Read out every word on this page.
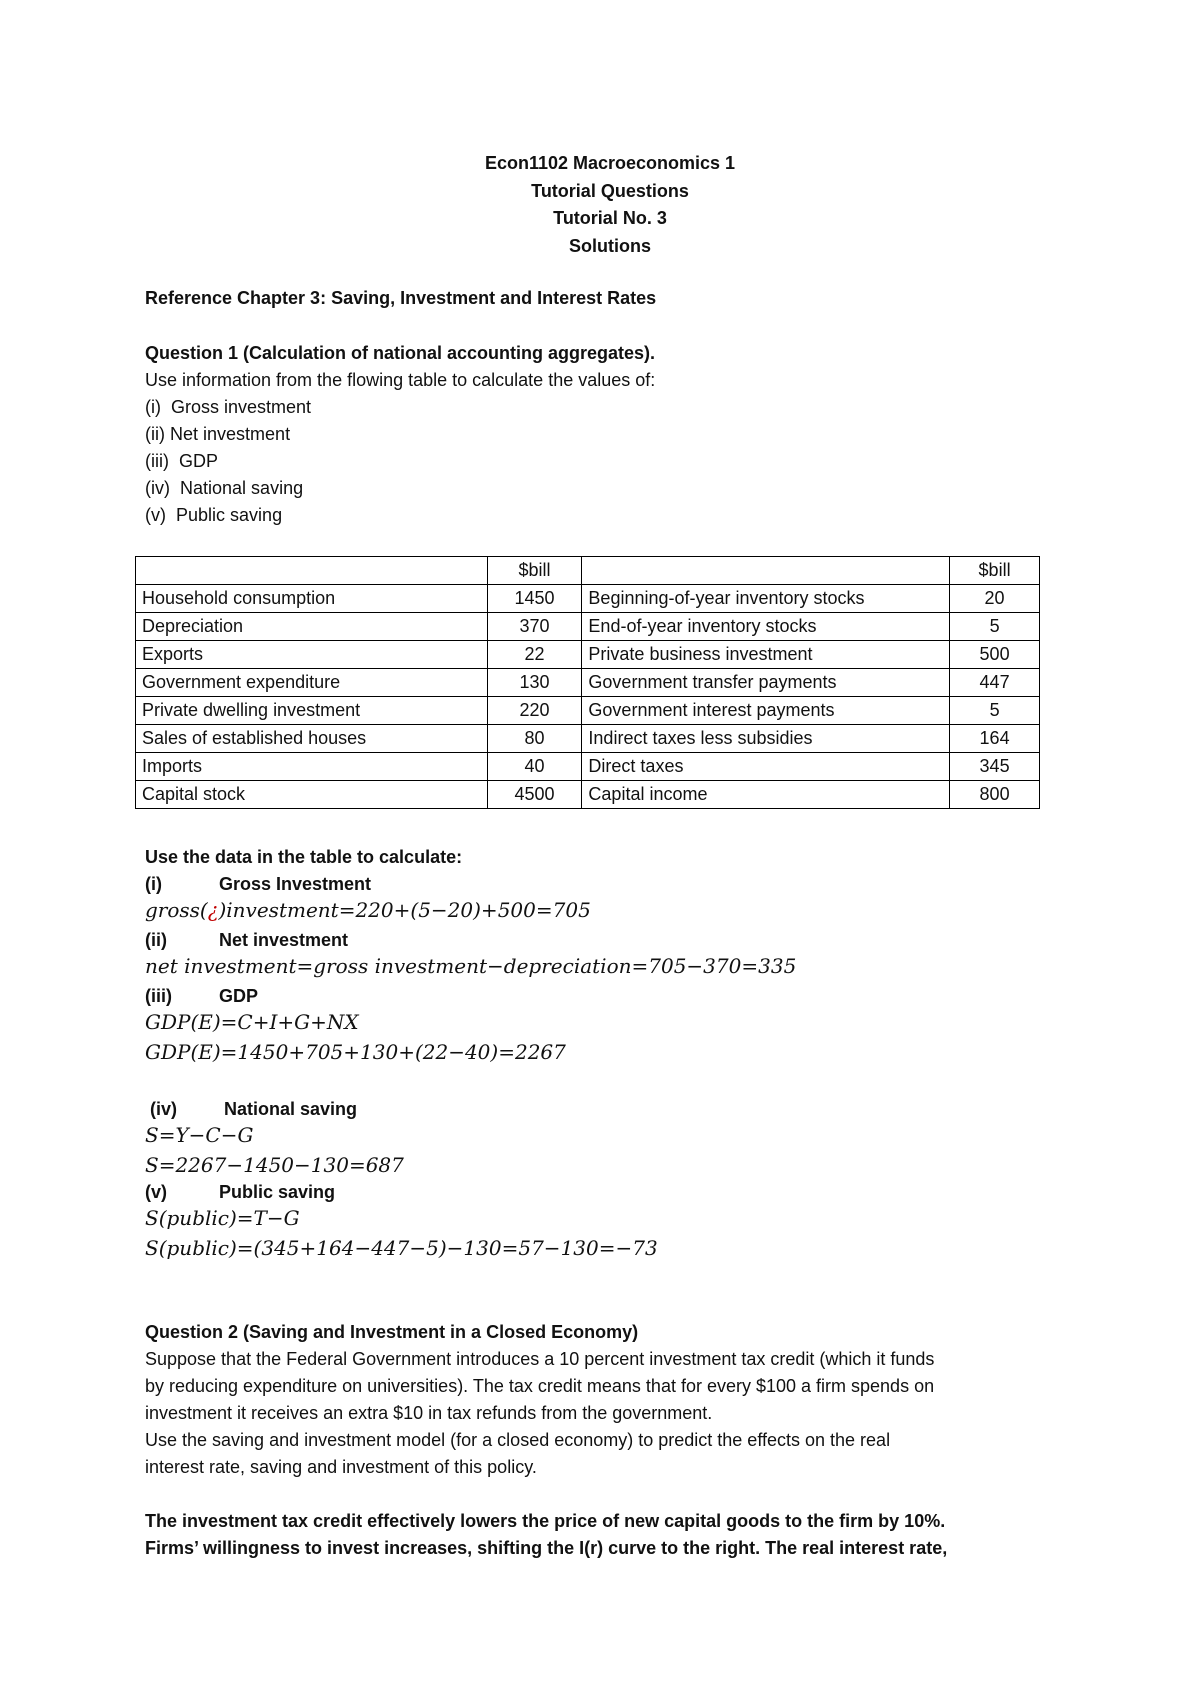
Econ1102 Macroeconomics 1
Tutorial Questions
Tutorial No. 3
Solutions
Reference Chapter 3: Saving, Investment and Interest Rates
Question 1 (Calculation of national accounting aggregates).
Use information from the flowing table to calculate the values of:
(i) Gross investment
(ii) Net investment
(iii) GDP
(iv) National saving
(v) Public saving
	$bill		$bill
Household consumption	1450	Beginning-of-year inventory stocks	20
Depreciation	370	End-of-year inventory stocks	5
Exports	22	Private business investment	500
Government expenditure	130	Government transfer payments	447
Private dwelling investment	220	Government interest payments	5
Sales of established houses	80	Indirect taxes less subsidies	164
Imports	40	Direct taxes	345
Capital stock	4500	Capital income	800
Use the data in the table to calculate:
(i)	Gross Investment
gross(¿)investment=220+(5−20)+500=705
(ii)	Net investment
net investment=gross investment−depreciation=705−370=335
(iii)	GDP
GDP(E)=C+I+G+NX
GDP(E)=1450+705+130+(22−40)=2267
(iv)	National saving
S=Y−C−G
S=2267−1450−130=687
(v)	Public saving
S(public)=T−G
S(public)=(345+164−447−5)−130=57−130=−73
Question 2 (Saving and Investment in a Closed Economy)
Suppose that the Federal Government introduces a 10 percent investment tax credit (which it funds
by reducing expenditure on universities). The tax credit means that for every $100 a firm spends on
investment it receives an extra $10 in tax refunds from the government.
Use the saving and investment model (for a closed economy) to predict the effects on the real
interest rate, saving and investment of this policy.
The investment tax credit effectively lowers the price of new capital goods to the firm by 10%.
Firms’ willingness to invest increases, shifting the I(r) curve to the right. The real interest rate,
